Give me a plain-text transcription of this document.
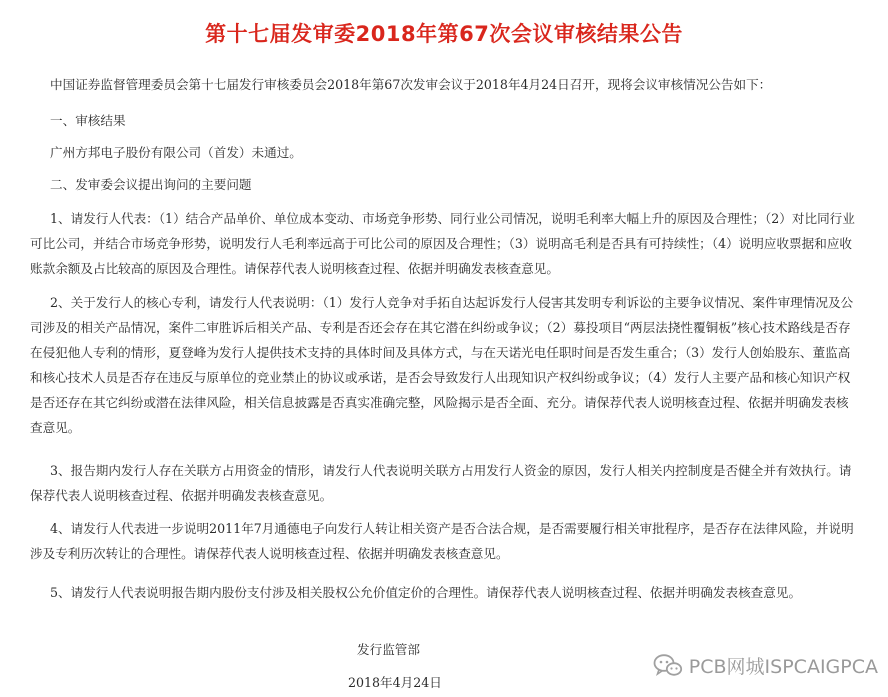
第十七届发审委2018年第67次会议审核结果公告

中国证券监督管理委员会第十七届发行审核委员会2018年第67次发审会议于2018年4月24日召开，现将会议审核情况公告如下：

一、审核结果

广州方邦电子股份有限公司（首发）未通过。

二、发审委会议提出询问的主要问题

1、请发行人代表：（1）结合产品单价、单位成本变动、市场竞争形势、同行业公司情况，说明毛利率大幅上升的原因及合理性；（2）对比同行业可比公司，并结合市场竞争形势，说明发行人毛利率远高于可比公司的原因及合理性；（3）说明高毛利是否具有可持续性；（4）说明应收票据和应收账款余额及占比较高的原因及合理性。请保荐代表人说明核查过程、依据并明确发表核查意见。

2、关于发行人的核心专利，请发行人代表说明：（1）发行人竞争对手拓自达起诉发行人侵害其发明专利诉讼的主要争议情况、案件审理情况及公司涉及的相关产品情况，案件二审胜诉后相关产品、专利是否还会存在其它潜在纠纷或争议；（2）募投项目“两层法挠性覆铜板”核心技术路线是否存在侵犯他人专利的情形，夏登峰为发行人提供技术支持的具体时间及具体方式，与在天诺光电任职时间是否发生重合；（3）发行人创始股东、董监高和核心技术人员是否存在违反与原单位的竞业禁止的协议或承诺，是否会导致发行人出现知识产权纠纷或争议；（4）发行人主要产品和核心知识产权是否还存在其它纠纷或潜在法律风险，相关信息披露是否真实准确完整，风险揭示是否全面、充分。请保荐代表人说明核查过程、依据并明确发表核查意见。

3、报告期内发行人存在关联方占用资金的情形，请发行人代表说明关联方占用发行人资金的原因，发行人相关内控制度是否健全并有效执行。请保荐代表人说明核查过程、依据并明确发表核查意见。

4、请发行人代表进一步说明2011年7月通德电子向发行人转让相关资产是否合法合规，是否需要履行相关审批程序，是否存在法律风险，并说明涉及专利历次转让的合理性。请保荐代表人说明核查过程、依据并明确发表核查意见。

5、请发行人代表说明报告期内股份支付涉及相关股权公允价值定价的合理性。请保荐代表人说明核查过程、依据并明确发表核查意见。

发行监管部
2018年4月24日
PCB网城ISPCAIGPCA
